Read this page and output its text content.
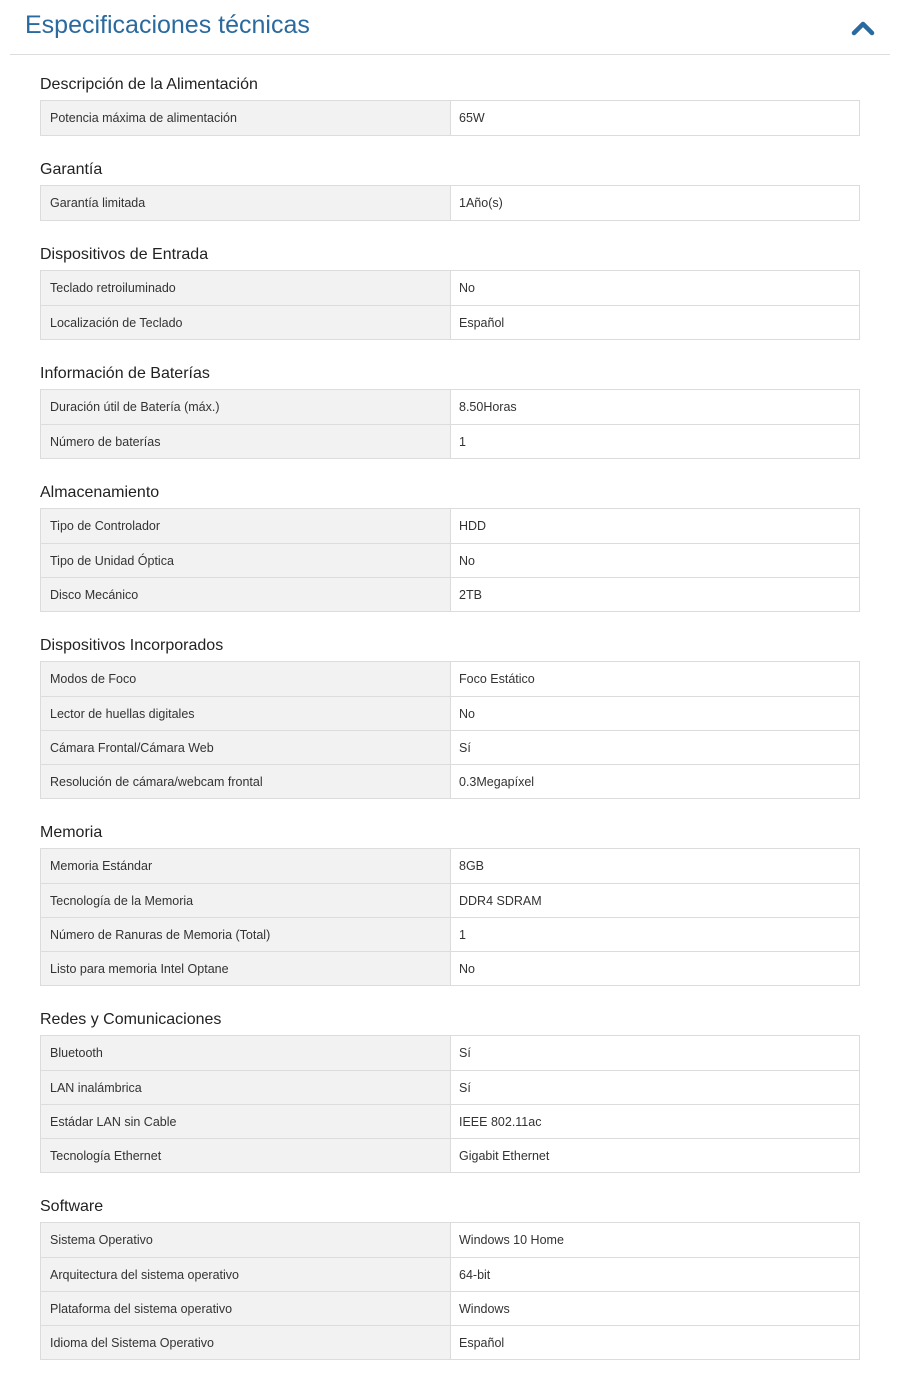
Especificaciones técnicas
Descripción de la Alimentación
Potencia máxima de alimentación	65W
Garantía
Garantía limitada	1Año(s)
Dispositivos de Entrada
Teclado retroiluminado	No
Localización de Teclado	Español
Información de Baterías
Duración útil de Batería (máx.)	8.50Horas
Número de baterías	1
Almacenamiento
Tipo de Controlador	HDD
Tipo de Unidad Óptica	No
Disco Mecánico	2TB
Dispositivos Incorporados
Modos de Foco	Foco Estático
Lector de huellas digitales	No
Cámara Frontal/Cámara Web	Sí
Resolución de cámara/webcam frontal	0.3Megapíxel
Memoria
Memoria Estándar	8GB
Tecnología de la Memoria	DDR4 SDRAM
Número de Ranuras de Memoria (Total)	1
Listo para memoria Intel Optane	No
Redes y Comunicaciones
Bluetooth	Sí
LAN inalámbrica	Sí
Estádar LAN sin Cable	IEEE 802.11ac
Tecnología Ethernet	Gigabit Ethernet
Software
Sistema Operativo	Windows 10 Home
Arquitectura del sistema operativo	64-bit
Plataforma del sistema operativo	Windows
Idioma del Sistema Operativo	Español
